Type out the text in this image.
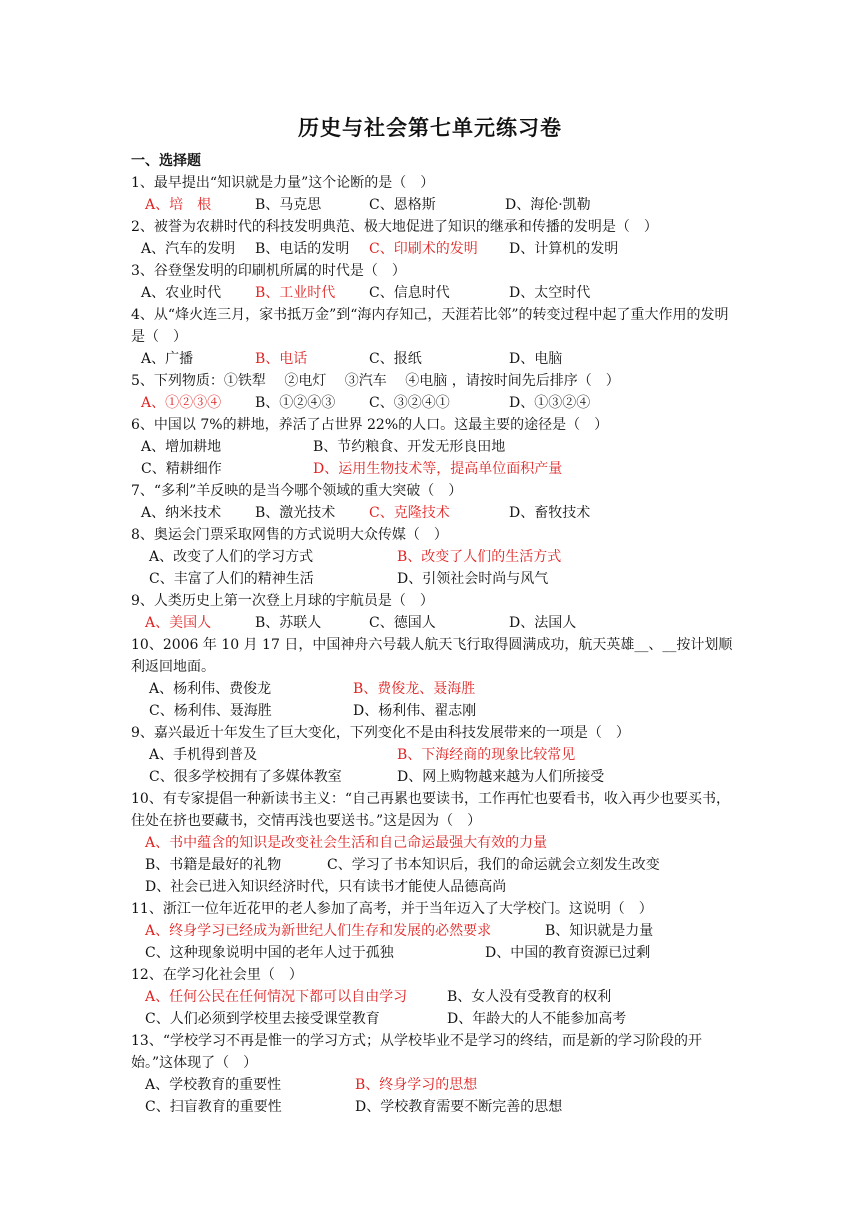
历史与社会第七单元练习卷
一、选择题
1、最早提出“知识就是力量”这个论断的是（　）
A、培　根	B、马克思	C、恩格斯	D、海伦·凯勒
2、被誉为农耕时代的科技发明典范、极大地促进了知识的继承和传播的发明是（　）
A、汽车的发明 B、电话的发明 C、印刷术的发明 D、计算机的发明
3、谷登堡发明的印刷机所属的时代是（　）
A、农业时代 B、工业时代 C、信息时代	D、太空时代
4、从“烽火连三月，家书抵万金”到“海内存知己，天涯若比邻”的转变过程中起了重大作用的发明是（　）
A、广播	B、电话	C、报纸	D、电脑
5、下列物质：①铁犁　 ②电灯　 ③汽车　 ④电脑 ，请按时间先后排序（　）
A、①②③④ B、①②④③ C、③②④①	D、①③②④
6、中国以 7%的耕地，养活了占世界 22%的人口。这最主要的途径是（　）
A、增加耕地	B、节约粮食、开发无形良田地
C、精耕细作	D、运用生物技术等，提高单位面积产量
7、“多利”羊反映的是当今哪个领域的重大突破（　）
A、纳米技术 B、激光技术 C、克隆技术	D、畜牧技术
8、奥运会门票采取网售的方式说明大众传媒（　）
A、改变了人们的学习方式	B、改变了人们的生活方式
C、丰富了人们的精神生活	D、引领社会时尚与风气
9、人类历史上第一次登上月球的宇航员是（　）
A、美国人	B、苏联人	C、德国人	D、法国人
10、2006 年 10 月 17 日，中国神舟六号载人航天飞行取得圆满成功，航天英雄__、__按计划顺利返回地面。
A、杨利伟、费俊龙	B、费俊龙、聂海胜
C、杨利伟、聂海胜	D、杨利伟、翟志刚
9、嘉兴最近十年发生了巨大变化，下列变化不是由科技发展带来的一项是（　）
A、手机得到普及	B、下海经商的现象比较常见
C、很多学校拥有了多媒体教室	D、网上购物越来越为人们所接受
10、有专家提倡一种新读书主义：“自己再累也要读书，工作再忙也要看书，收入再少也要买书，住处在挤也要藏书，交情再浅也要送书。”这是因为（　）
A、书中蕴含的知识是改变社会生活和自己命运最强大有效的力量
B、书籍是最好的礼物	C、学习了书本知识后，我们的命运就会立刻发生改变
D、社会已进入知识经济时代，只有读书才能使人品德高尚
11、浙江一位年近花甲的老人参加了高考，并于当年迈入了大学校门。这说明（　）
A、终身学习已经成为新世纪人们生存和发展的必然要求	B、知识就是力量
C、这种现象说明中国的老年人过于孤独	D、中国的教育资源已过剩
12、在学习化社会里（　）
A、任何公民在任何情况下都可以自由学习	B、女人没有受教育的权利
C、人们必须到学校里去接受课堂教育	D、年龄大的人不能参加高考
13、“学校学习不再是惟一的学习方式；从学校毕业不是学习的终结，而是新的学习阶段的开始。”这体现了（　）
A、学校教育的重要性	B、终身学习的思想
C、扫盲教育的重要性	D、学校教育需要不断完善的思想
